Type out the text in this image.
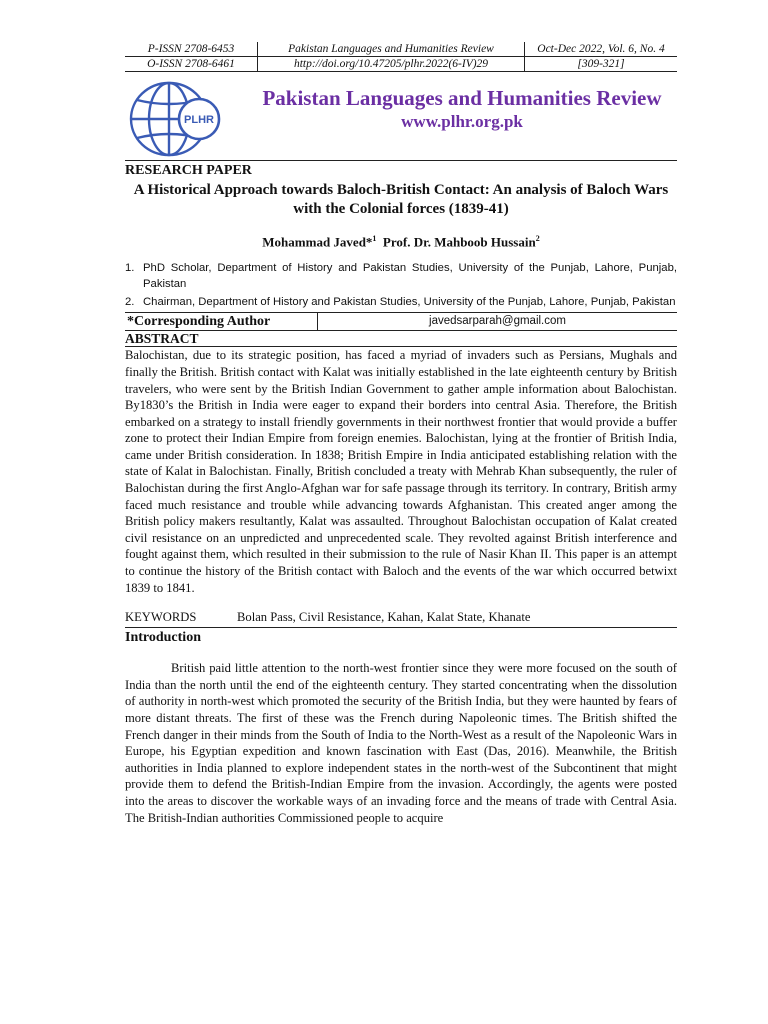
P-ISSN 2708-6453	Pakistan Languages and Humanities Review	Oct-Dec 2022, Vol. 6, No. 4
O-ISSN 2708-6461	http://doi.org/10.47205/plhr.2022(6-IV)29	[309-321]
PLHR
Pakistan Languages and Humanities Review
www.plhr.org.pk
RESEARCH PAPER
A Historical Approach towards Baloch-British Contact: An analysis of Baloch Wars with the Colonial forces (1839-41)
Mohammad Javed*$^1$ Prof. Dr. Mahboob Hussain$^2$
1. PhD Scholar, Department of History and Pakistan Studies, University of the Punjab, Lahore, Punjab, Pakistan
2. Chairman, Department of History and Pakistan Studies, University of the Punjab, Lahore, Punjab, Pakistan
*Corresponding Author	javedsarparah@gmail.com
ABSTRACT

Balochistan, due to its strategic position, has faced a myriad of invaders such as Persians, Mughals and finally the British. British contact with Kalat was initially established in the late eighteenth century by British travelers, who were sent by the British Indian Government to gather ample information about Balochistan. By1830’s the British in India were eager to expand their borders into central Asia. Therefore, the British embarked on a strategy to install friendly governments in their northwest frontier that would provide a buffer zone to protect their Indian Empire from foreign enemies. Balochistan, lying at the frontier of British India, came under British consideration. In 1838; British Empire in India anticipated establishing relation with the state of Kalat in Balochistan. Finally, British concluded a treaty with Mehrab Khan subsequently, the ruler of Balochistan during the first Anglo-Afghan war for safe passage through its territory. In contrary, British army faced much resistance and trouble while advancing towards Afghanistan. This created anger among the British policy makers resultantly, Kalat was assaulted. Throughout Balochistan occupation of Kalat created civil resistance on an unpredicted and unprecedented scale. They revolted against British interference and fought against them, which resulted in their submission to the rule of Nasir Khan II. This paper is an attempt to continue the history of the British contact with Baloch and the events of the war which occurred betwixt 1839 to 1841.

KEYWORDS	Bolan Pass, Civil Resistance, Kahan, Kalat State, Khanate
Introduction

British paid little attention to the north-west frontier since they were more focused on the south of India than the north until the end of the eighteenth century. They started concentrating when the dissolution of authority in north-west which promoted the security of the British India, but they were haunted by fears of more distant threats. The first of these was the French during Napoleonic times. The British shifted the French danger in their minds from the South of India to the North-West as a result of the Napoleonic Wars in Europe, his Egyptian expedition and known fascination with East (Das, 2016). Meanwhile, the British authorities in India planned to explore independent states in the north-west of the Subcontinent that might provide them to defend the British-Indian Empire from the invasion. Accordingly, the agents were posted into the areas to discover the workable ways of an invading force and the means of trade with Central Asia. The British-Indian authorities Commissioned people to acquire
